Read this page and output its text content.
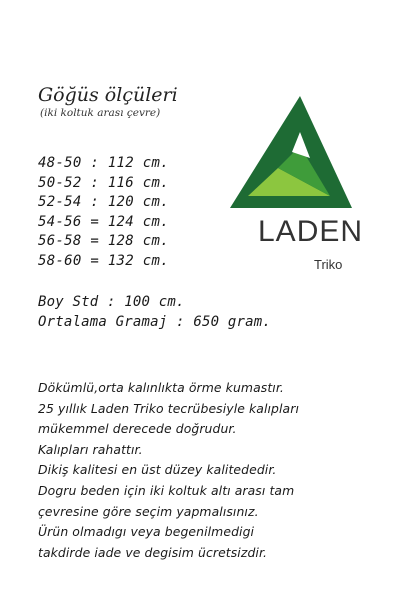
Göğüs ölçüleri
(iki koltuk arası çevre)
48-50 : 112 cm.
50-52 : 116 cm.
52-54 : 120 cm.
54-56 = 124 cm.
56-58 = 128 cm.
58-60 = 132 cm.
Boy Std : 100 cm.
Ortalama Gramaj : 650 gram.
Dökümlü,orta kalınlıkta örme kumastır.
25 yıllık Laden Triko tecrübesiyle kalıpları
mükemmel derecede doğrudur.
Kalıpları rahattır.
Dikiş kalitesi en üst düzey kalitededir.
Dogru beden için iki koltuk altı arası tam
çevresine göre seçim yapmalısınız.
Ürün olmadıgı veya begenilmedigi
takdirde iade ve degisim ücretsizdir.
LADEN
Triko
